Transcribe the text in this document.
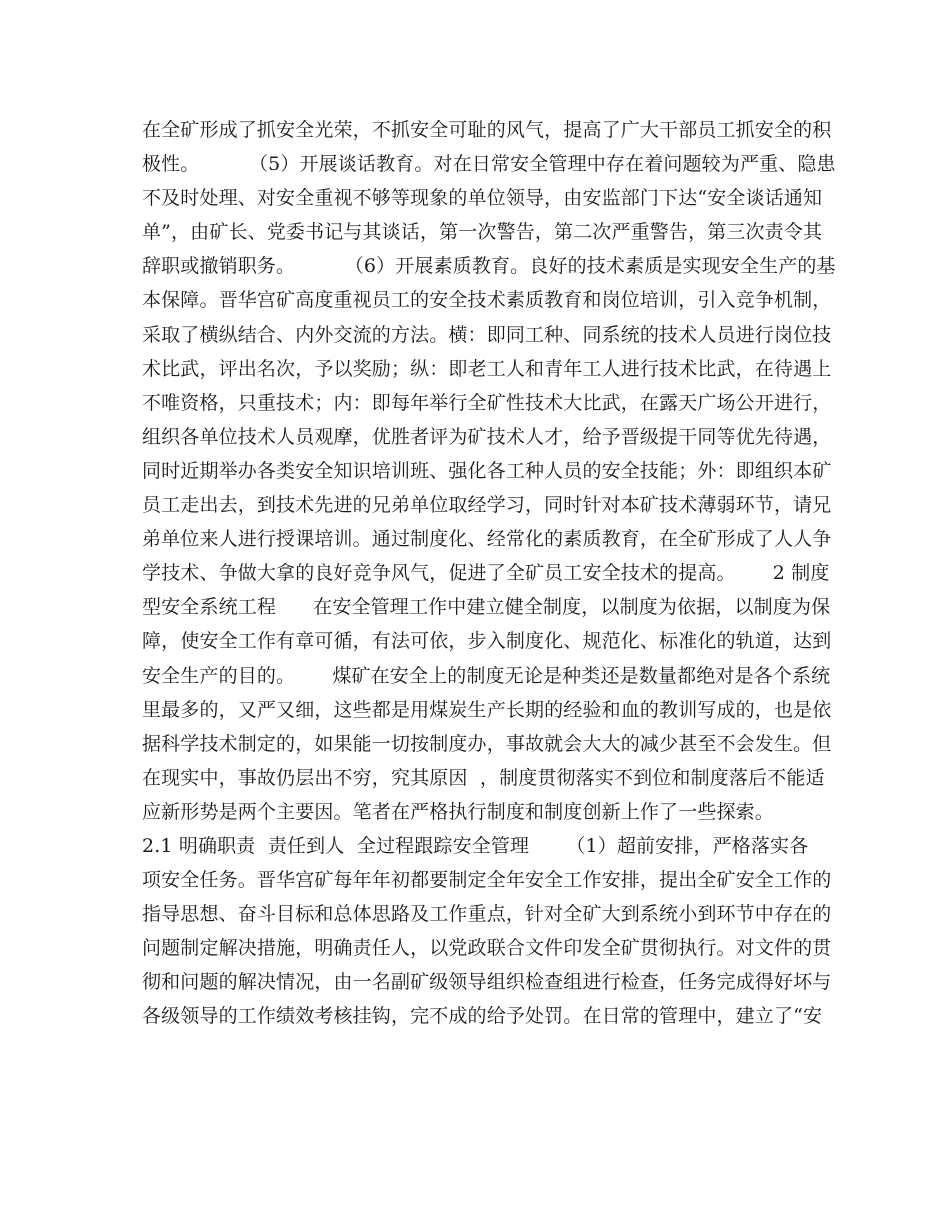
在全矿形成了抓安全光荣，不抓安全可耻的风气，提高了广大干部员工抓安全的积
极性。        （5）开展谈话教育。对在日常安全管理中存在着问题较为严重、隐患
不及时处理、对安全重视不够等现象的单位领导，由安监部门下达“安全谈话通知
单”，由矿长、党委书记与其谈话，第一次警告，第二次严重警告，第三次责令其
辞职或撤销职务。        （6）开展素质教育。良好的技术素质是实现安全生产的基
本保障。晋华宫矿高度重视员工的安全技术素质教育和岗位培训，引入竞争机制，
采取了横纵结合、内外交流的方法。横：即同工种、同系统的技术人员进行岗位技
术比武，评出名次，予以奖励；纵：即老工人和青年工人进行技术比武，在待遇上
不唯资格，只重技术；内：即每年举行全矿性技术大比武，在露天广场公开进行，
组织各单位技术人员观摩，优胜者评为矿技术人才，给予晋级提干同等优先待遇，
同时近期举办各类安全知识培训班、强化各工种人员的安全技能；外：即组织本矿
员工走出去，到技术先进的兄弟单位取经学习，同时针对本矿技术薄弱环节，请兄
弟单位来人进行授课培训。通过制度化、经常化的素质教育，在全矿形成了人人争
学技术、争做大拿的良好竞争风气，促进了全矿员工安全技术的提高。      2 制度
型安全系统工程      在安全管理工作中建立健全制度，以制度为依据，以制度为保
障，使安全工作有章可循，有法可依，步入制度化、规范化、标准化的轨道，达到
安全生产的目的。      煤矿在安全上的制度无论是种类还是数量都绝对是各个系统
里最多的，又严又细，这些都是用煤炭生产长期的经验和血的教训写成的，也是依
据科学技术制定的，如果能一切按制度办，事故就会大大的减少甚至不会发生。但
在现实中，事故仍层出不穷，究其原因  ，制度贯彻落实不到位和制度落后不能适
应新形势是两个主要因。笔者在严格执行制度和制度创新上作了一些探索。
2.1 明确职责  责任到人  全过程跟踪安全管理      （1）超前安排，严格落实各
项安全任务。晋华宫矿每年年初都要制定全年安全工作安排，提出全矿安全工作的
指导思想、奋斗目标和总体思路及工作重点，针对全矿大到系统小到环节中存在的
问题制定解决措施，明确责任人，以党政联合文件印发全矿贯彻执行。对文件的贯
彻和问题的解决情况，由一名副矿级领导组织检查组进行检查，任务完成得好坏与
各级领导的工作绩效考核挂钩，完不成的给予处罚。在日常的管理中，建立了“安
